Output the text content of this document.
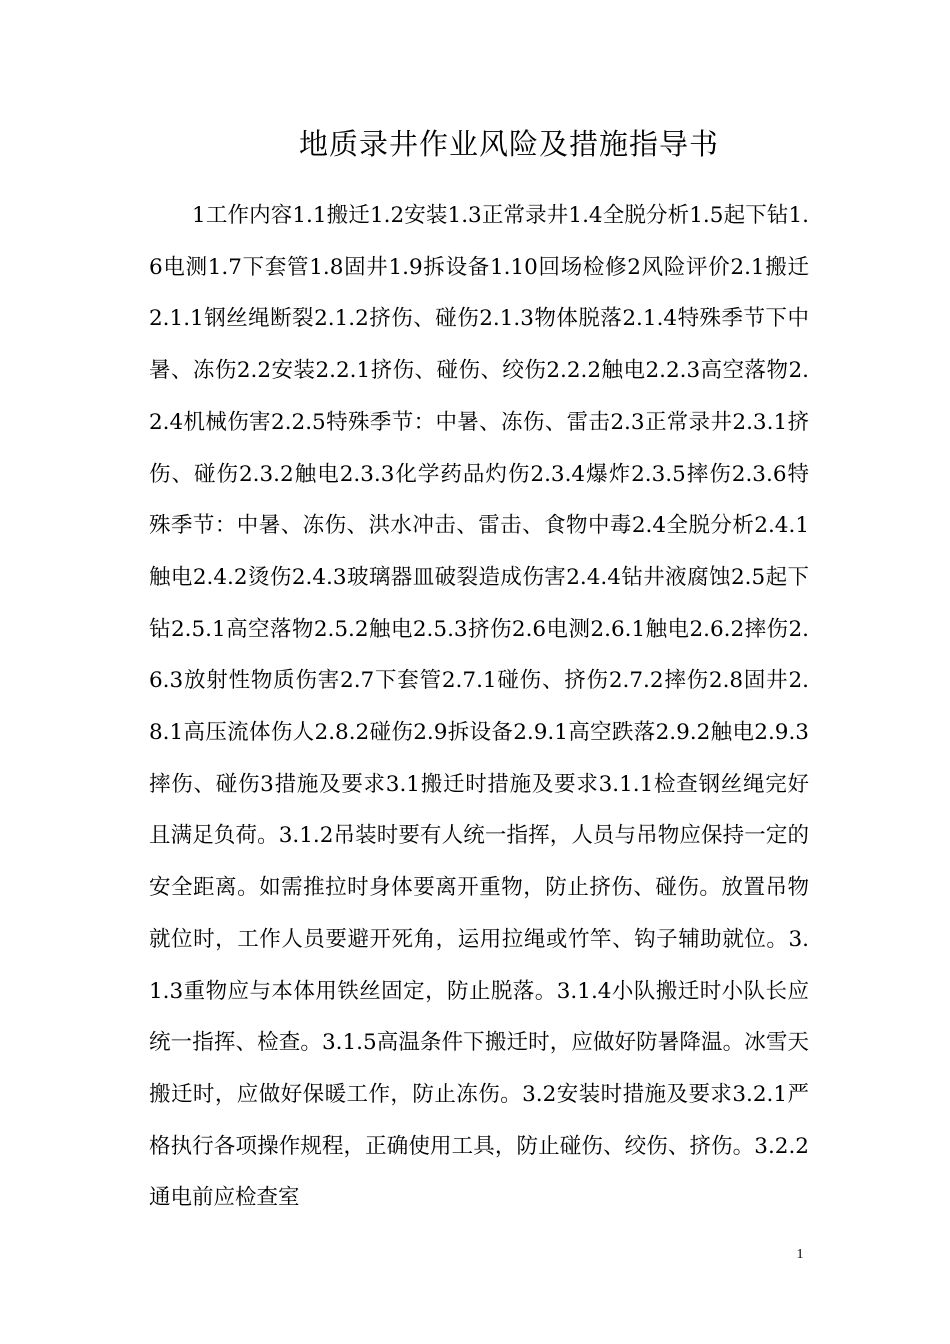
地质录井作业风险及措施指导书

1工作内容1.1搬迁1.2安装1.3正常录井1.4全脱分析1.5起下钻1.6电测1.7下套管1.8固井1.9拆设备1.10回场检修2风险评价2.1搬迁2.1.1钢丝绳断裂2.1.2挤伤、碰伤2.1.3物体脱落2.1.4特殊季节下中暑、冻伤2.2安装2.2.1挤伤、碰伤、绞伤2.2.2触电2.2.3高空落物2.2.4机械伤害2.2.5特殊季节：中暑、冻伤、雷击2.3正常录井2.3.1挤伤、碰伤2.3.2触电2.3.3化学药品灼伤2.3.4爆炸2.3.5摔伤2.3.6特殊季节：中暑、冻伤、洪水冲击、雷击、食物中毒2.4全脱分析2.4.1触电2.4.2烫伤2.4.3玻璃器皿破裂造成伤害2.4.4钻井液腐蚀2.5起下钻2.5.1高空落物2.5.2触电2.5.3挤伤2.6电测2.6.1触电2.6.2摔伤2.6.3放射性物质伤害2.7下套管2.7.1碰伤、挤伤2.7.2摔伤2.8固井2.8.1高压流体伤人2.8.2碰伤2.9拆设备2.9.1高空跌落2.9.2触电2.9.3摔伤、碰伤3措施及要求3.1搬迁时措施及要求3.1.1检查钢丝绳完好且满足负荷。3.1.2吊装时要有人统一指挥，人员与吊物应保持一定的安全距离。如需推拉时身体要离开重物，防止挤伤、碰伤。放置吊物就位时，工作人员要避开死角，运用拉绳或竹竿、钩子辅助就位。3.1.3重物应与本体用铁丝固定，防止脱落。3.1.4小队搬迁时小队长应统一指挥、检查。3.1.5高温条件下搬迁时，应做好防暑降温。冰雪天搬迁时，应做好保暖工作，防止冻伤。3.2安装时措施及要求3.2.1严格执行各项操作规程，正确使用工具，防止碰伤、绞伤、挤伤。3.2.2通电前应检查室

1
